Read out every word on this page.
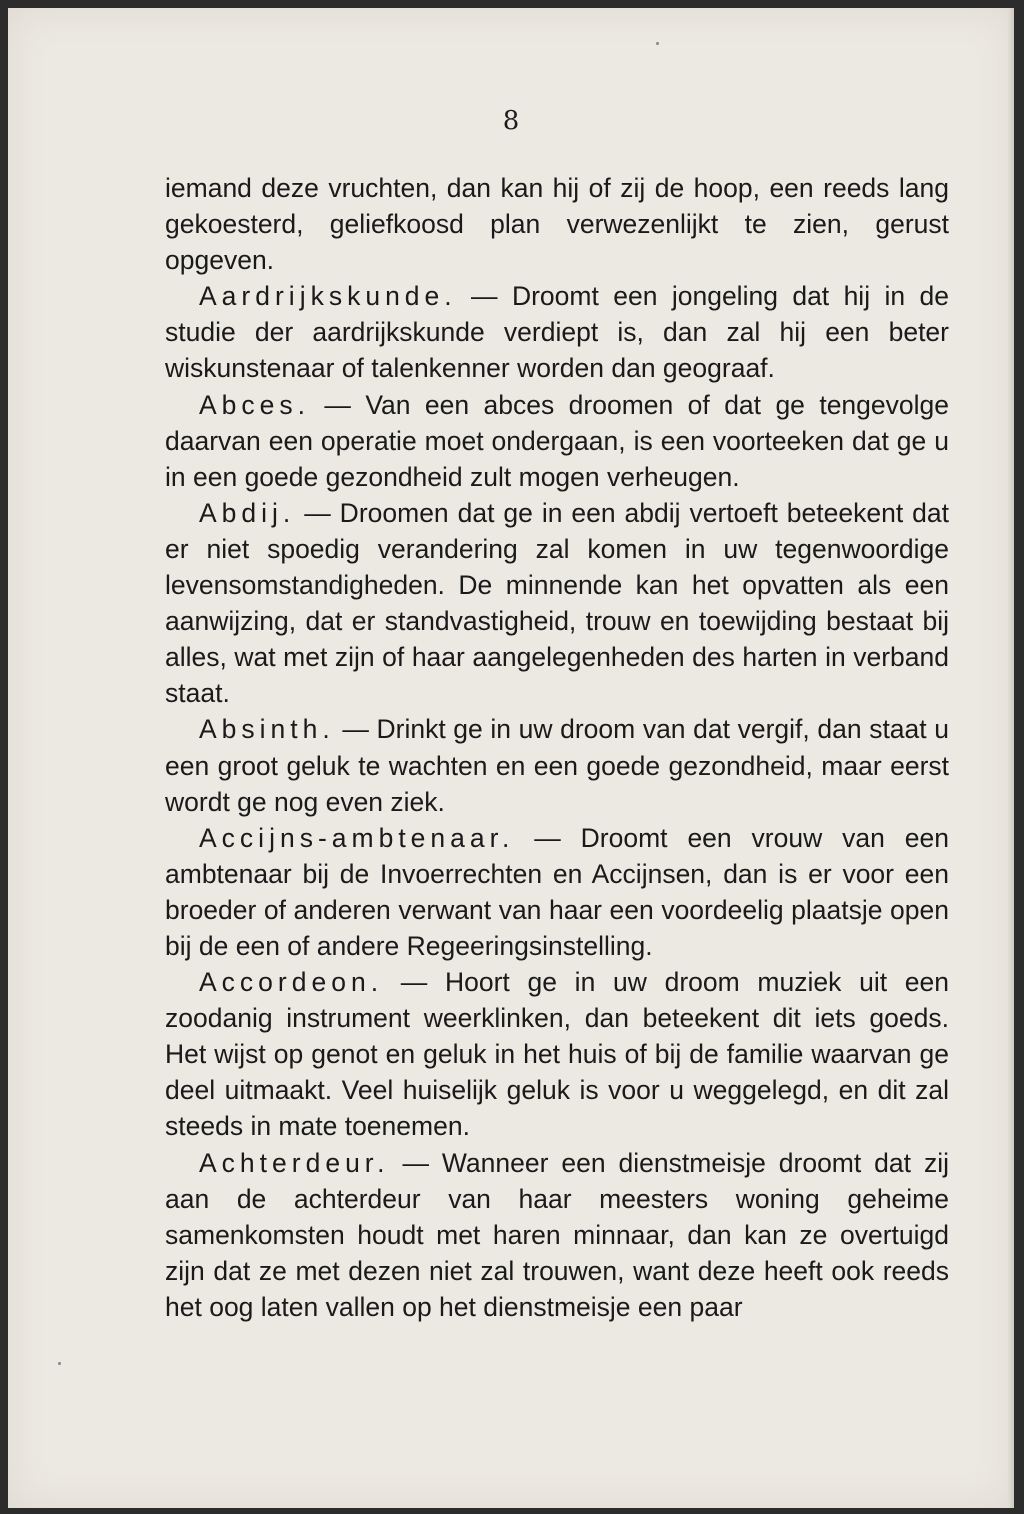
8

iemand deze vruchten, dan kan hij of zij de hoop, een reeds lang gekoesterd, geliefkoosd plan verwezenlijkt te zien, gerust opgeven.

Aardrijkskunde. — Droomt een jongeling dat hij in de studie der aardrijkskunde verdiept is, dan zal hij een beter wiskunstenaar of talenkenner worden dan geograaf.

Abces. — Van een abces droomen of dat ge tengevolge daarvan een operatie moet ondergaan, is een voorteeken dat ge u in een goede gezondheid zult mogen verheugen.

Abdij. — Droomen dat ge in een abdij vertoeft beteekent dat er niet spoedig verandering zal komen in uw tegenwoordige levensomstandigheden. De minnende kan het opvatten als een aanwijzing, dat er standvastigheid, trouw en toewijding bestaat bij alles, wat met zijn of haar aangelegenheden des harten in verband staat.

Absinth. — Drinkt ge in uw droom van dat vergif, dan staat u een groot geluk te wachten en een goede gezondheid, maar eerst wordt ge nog even ziek.

Accijns-ambtenaar. — Droomt een vrouw van een ambtenaar bij de Invoerrechten en Accijnsen, dan is er voor een broeder of anderen verwant van haar een voordeelig plaatsje open bij de een of andere Regeeringsinstelling.

Accordeon. — Hoort ge in uw droom muziek uit een zoodanig instrument weerklinken, dan beteekent dit iets goeds. Het wijst op genot en geluk in het huis of bij de familie waarvan ge deel uitmaakt. Veel huiselijk geluk is voor u weggelegd, en dit zal steeds in mate toenemen.

Achterdeur. — Wanneer een dienstmeisje droomt dat zij aan de achterdeur van haar meesters woning geheime samenkomsten houdt met haren minnaar, dan kan ze overtuigd zijn dat ze met dezen niet zal trouwen, want deze heeft ook reeds het oog laten vallen op het dienstmeisje een paar
